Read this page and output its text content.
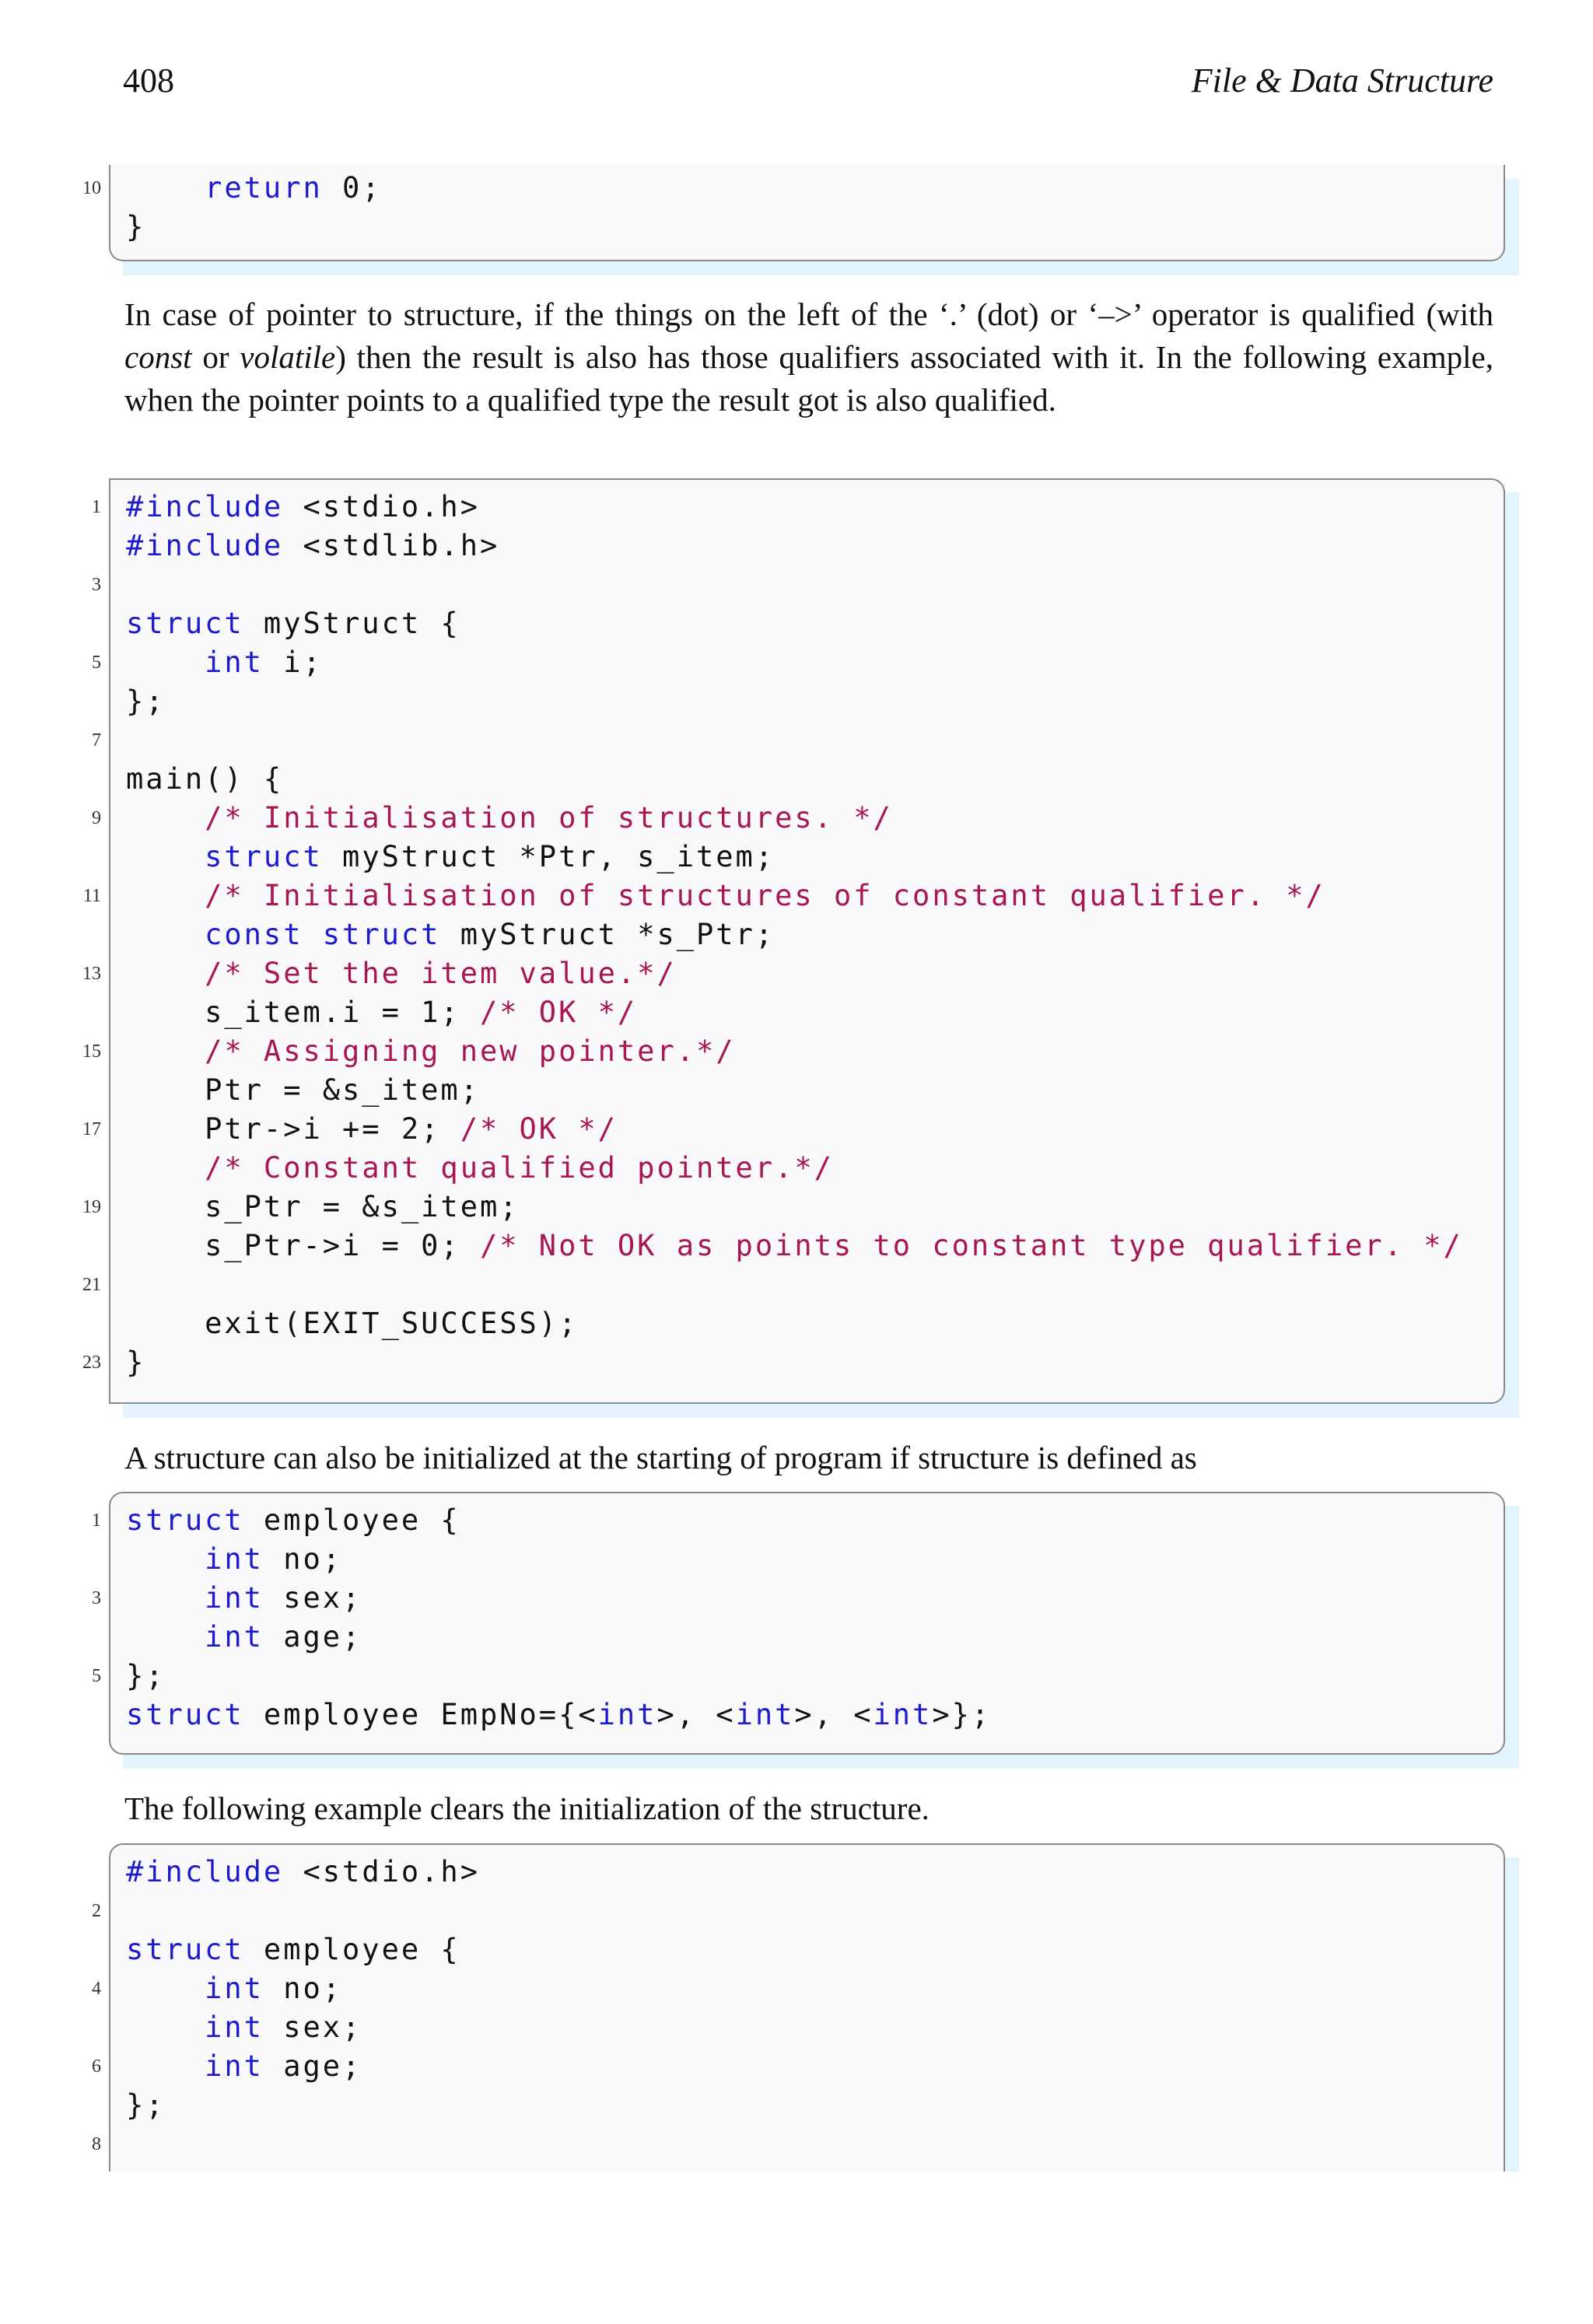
408	File & Data Structure
10	return 0;
}

In case of pointer to structure, if the things on the left of the ‘.’ (dot) or ‘–>’ operator is qualified (with const or volatile) then the result is also has those qualifiers associated with it. In the following example, when the pointer points to a qualified type the result got is also qualified.

1 #include <stdio.h>
#include <stdlib.h>
3
struct myStruct {
5	int i;
};
7
main() {
9	/* Initialisation of structures. */
struct myStruct *Ptr, s_item;
11	/* Initialisation of structures of constant qualifier. */
const struct myStruct *s_Ptr;
13	/* Set the item value.*/
s_item.i = 1; /* OK */
15	/* Assigning new pointer.*/
Ptr = &s_item;
17 Ptr->i += 2; /* OK */
/* Constant qualified pointer.*/
19 s_Ptr = &s_item;
s_Ptr->i = 0; /* Not OK as points to constant type qualifier. */
21
exit(EXIT_SUCCESS);
23 }

A structure can also be initialized at the starting of program if structure is defined as

1 struct employee {
int no;
3	int sex;
int age;
5 };
struct employee EmpNo={<int>, <int>, <int>};

The following example clears the initialization of the structure.

#include <stdio.h>
2
struct employee {
4	int no;
int sex;
6	int age;
};
8
